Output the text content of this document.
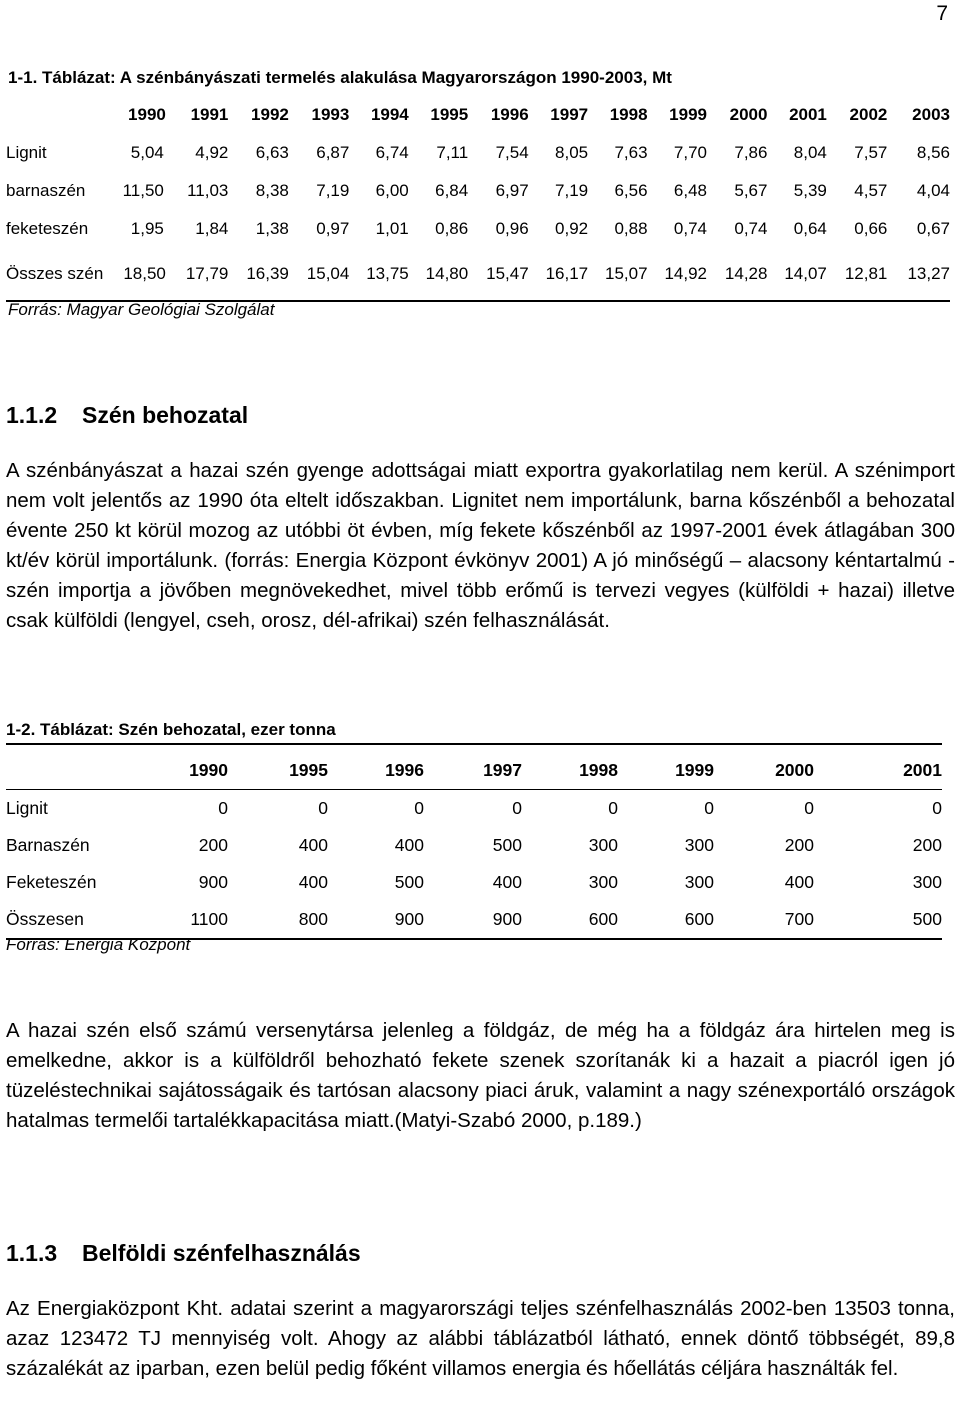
7
1-1. Táblázat: A szénbányászati termelés alakulása Magyarországon 1990-2003, Mt
	1990	1991	1992	1993	1994	1995	1996	1997	1998	1999	2000	2001	2002	2003
Lignit	5,04	4,92	6,63	6,87	6,74	7,11	7,54	8,05	7,63	7,70	7,86	8,04	7,57	8,56
barnaszén	11,50	11,03	8,38	7,19	6,00	6,84	6,97	7,19	6,56	6,48	5,67	5,39	4,57	4,04
feketeszén	1,95	1,84	1,38	0,97	1,01	0,86	0,96	0,92	0,88	0,74	0,74	0,64	0,66	0,67
Összes szén	18,50	17,79	16,39	15,04	13,75	14,80	15,47	16,17	15,07	14,92	14,28	14,07	12,81	13,27
Forrás: Magyar Geológiai Szolgálat
1.1.2 Szén behozatal

A szénbányászat a hazai szén gyenge adottságai miatt exportra gyakorlatilag nem kerül. A szénimport nem volt jelentős az 1990 óta eltelt időszakban. Lignitet nem importálunk, barna kőszénből a behozatal évente 250 kt körül mozog az utóbbi öt évben, míg fekete kőszénből az 1997-2001 évek átlagában 300 kt/év körül importálunk. (forrás: Energia Központ évkönyv 2001) A jó minőségű – alacsony kéntartalmú - szén importja a jövőben megnövekedhet, mivel több erőmű is tervezi vegyes (külföldi + hazai) illetve csak külföldi (lengyel, cseh, orosz, dél-afrikai) szén felhasználását.

1-2. Táblázat: Szén behozatal, ezer tonna
	1990	1995	1996	1997	1998	1999	2000	2001
Lignit	0	0	0	0	0	0	0	0
Barnaszén	200	400	400	500	300	300	200	200
Feketeszén	900	400	500	400	300	300	400	300
Összesen	1100	800	900	900	600	600	700	500
Forrás: Energia Központ

A hazai szén első számú versenytársa jelenleg a földgáz, de még ha a földgáz ára hirtelen meg is emelkedne, akkor is a külföldről behozható fekete szenek szorítanák ki a hazait a piacról igen jó tüzeléstechnikai sajátosságaik és tartósan alacsony piaci áruk, valamint a nagy szénexportáló országok hatalmas termelői tartalékkapacitása miatt.(Matyi-Szabó 2000, p.189.)

1.1.3 Belföldi szénfelhasználás

Az Energiaközpont Kht. adatai szerint a magyarországi teljes szénfelhasználás 2002-ben 13503 tonna, azaz 123472 TJ mennyiség volt. Ahogy az alábbi táblázatból látható, ennek döntő többségét, 89,8 százalékát az iparban, ezen belül pedig főként villamos energia és hőellátás céljára használták fel.
